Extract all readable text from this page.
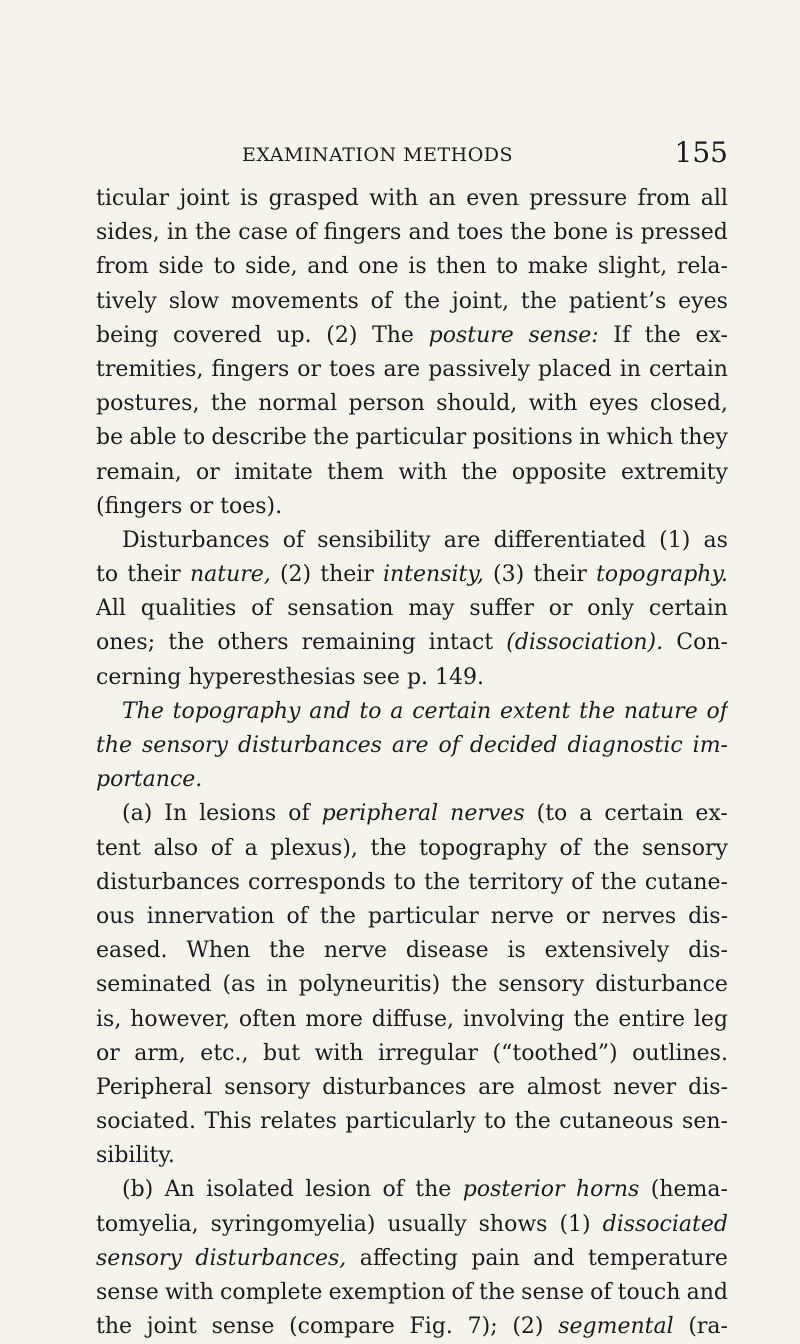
EXAMINATION METHODS	155
ticular joint is grasped with an even pressure from all
sides, in the case of fingers and toes the bone is pressed
from side to side, and one is then to make slight, rela-
tively slow movements of the joint, the patient’s eyes
being covered up. (2) The posture sense: If the ex-
tremities, fingers or toes are passively placed in certain
postures, the normal person should, with eyes closed,
be able to describe the particular positions in which they
remain, or imitate them with the opposite extremity
(fingers or toes).
Disturbances of sensibility are differentiated (1) as
to their nature, (2) their intensity, (3) their topography.
All qualities of sensation may suffer or only certain
ones; the others remaining intact (dissociation). Con-
cerning hyperesthesias see p. 149.
The topography and to a certain extent the nature of
the sensory disturbances are of decided diagnostic im-
portance.
(a) In lesions of peripheral nerves (to a certain ex-
tent also of a plexus), the topography of the sensory
disturbances corresponds to the territory of the cutane-
ous innervation of the particular nerve or nerves dis-
eased. When the nerve disease is extensively dis-
seminated (as in polyneuritis) the sensory disturbance
is, however, often more diffuse, involving the entire leg
or arm, etc., but with irregular (“toothed”) outlines.
Peripheral sensory disturbances are almost never dis-
sociated. This relates particularly to the cutaneous sen-
sibility.
(b) An isolated lesion of the posterior horns (hema-
tomyelia, syringomyelia) usually shows (1) dissociated
sensory disturbances, affecting pain and temperature
sense with complete exemption of the sense of touch and
the joint sense (compare Fig. 7); (2) segmental (ra-
